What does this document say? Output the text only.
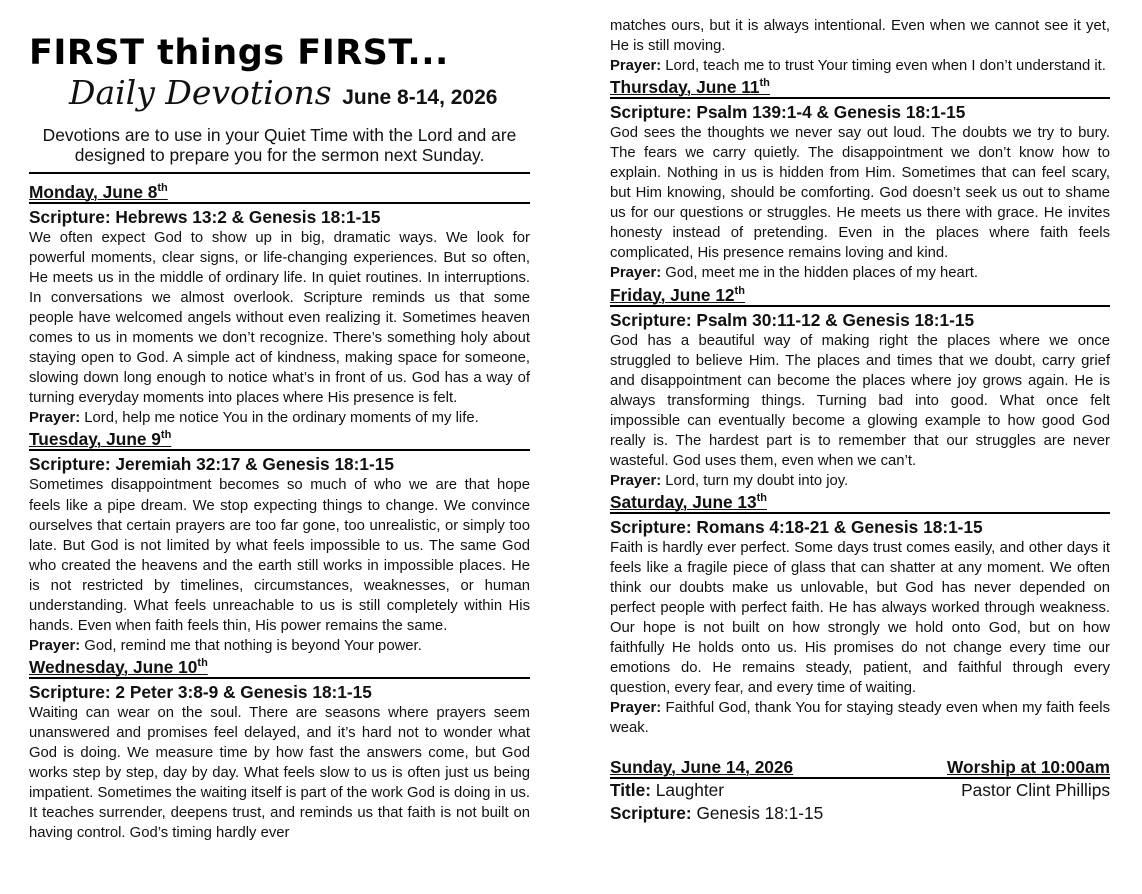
FIRST things FIRST...
Daily Devotions June 8-14, 2026

Devotions are to use in your Quiet Time with the Lord and are designed to prepare you for the sermon next Sunday.

Monday, June 8th
Scripture: Hebrews 13:2 & Genesis 18:1-15

We often expect God to show up in big, dramatic ways. We look for powerful moments, clear signs, or life-changing experiences. But so often, He meets us in the middle of ordinary life. In quiet routines. In interruptions. In conversations we almost overlook. Scripture reminds us that some people have welcomed angels without even realizing it. Sometimes heaven comes to us in moments we don’t recognize. There’s something holy about staying open to God. A simple act of kindness, making space for someone, slowing down long enough to notice what’s in front of us. God has a way of turning everyday moments into places where His presence is felt.

Prayer: Lord, help me notice You in the ordinary moments of my life.

Tuesday, June 9th
Scripture: Jeremiah 32:17 & Genesis 18:1-15

Sometimes disappointment becomes so much of who we are that hope feels like a pipe dream. We stop expecting things to change. We convince ourselves that certain prayers are too far gone, too unrealistic, or simply too late. But God is not limited by what feels impossible to us. The same God who created the heavens and the earth still works in impossible places. He is not restricted by timelines, circumstances, weaknesses, or human understanding. What feels unreachable to us is still completely within His hands. Even when faith feels thin, His power remains the same.

Prayer: God, remind me that nothing is beyond Your power.

Wednesday, June 10th
Scripture: 2 Peter 3:8-9 & Genesis 18:1-15

Waiting can wear on the soul. There are seasons where prayers seem unanswered and promises feel delayed, and it’s hard not to wonder what God is doing. We measure time by how fast the answers come, but God works step by step, day by day. What feels slow to us is often just us being impatient. Sometimes the waiting itself is part of the work God is doing in us. It teaches surrender, deepens trust, and reminds us that faith is not built on having control. God’s timing hardly ever

matches ours, but it is always intentional. Even when we cannot see it yet, He is still moving.

Prayer: Lord, teach me to trust Your timing even when I don’t understand it.

Thursday, June 11th
Scripture: Psalm 139:1-4 & Genesis 18:1-15

God sees the thoughts we never say out loud. The doubts we try to bury. The fears we carry quietly. The disappointment we don’t know how to explain. Nothing in us is hidden from Him. Sometimes that can feel scary, but Him knowing, should be comforting. God doesn’t seek us out to shame us for our questions or struggles. He meets us there with grace. He invites honesty instead of pretending. Even in the places where faith feels complicated, His presence remains loving and kind.

Prayer: God, meet me in the hidden places of my heart.

Friday, June 12th
Scripture: Psalm 30:11-12 & Genesis 18:1-15

God has a beautiful way of making right the places where we once struggled to believe Him. The places and times that we doubt, carry grief and disappointment can become the places where joy grows again. He is always transforming things. Turning bad into good. What once felt impossible can eventually become a glowing example to how good God really is. The hardest part is to remember that our struggles are never wasteful. God uses them, even when we can’t.

Prayer: Lord, turn my doubt into joy.

Saturday, June 13th
Scripture: Romans 4:18-21 & Genesis 18:1-15

Faith is hardly ever perfect. Some days trust comes easily, and other days it feels like a fragile piece of glass that can shatter at any moment. We often think our doubts make us unlovable, but God has never depended on perfect people with perfect faith. He has always worked through weakness. Our hope is not built on how strongly we hold onto God, but on how faithfully He holds onto us. His promises do not change every time our emotions do. He remains steady, patient, and faithful through every question, every fear, and every time of waiting.

Prayer: Faithful God, thank You for staying steady even when my faith feels weak.

Sunday, June 14, 2026	Worship at 10:00am
Title: Laughter	Pastor Clint Phillips
Scripture: Genesis 18:1-15
